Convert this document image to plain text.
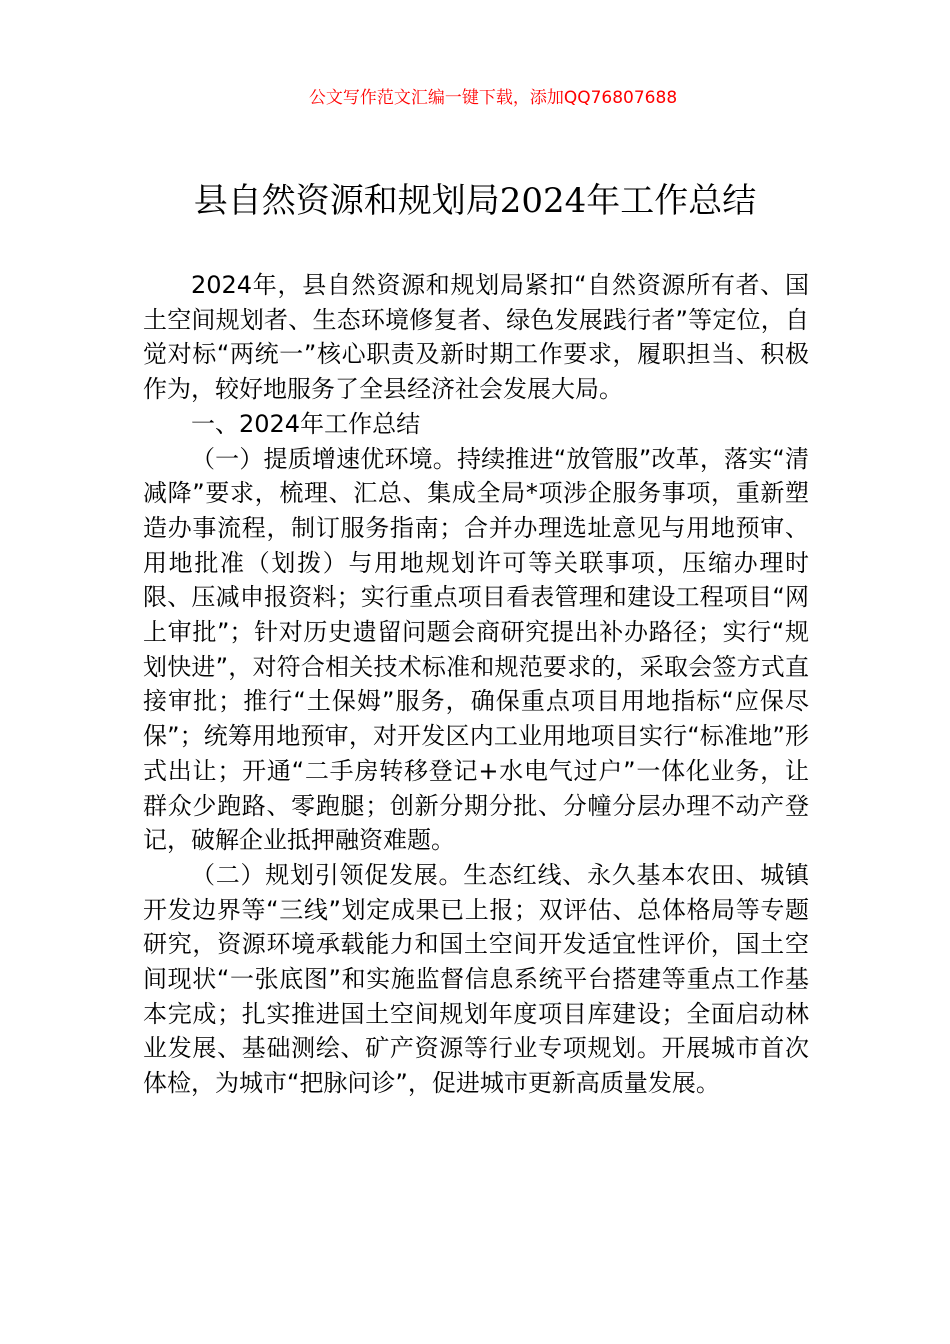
公文写作范文汇编一键下载，添加QQ76807688
县自然资源和规划局2024年工作总结

2024年，县自然资源和规划局紧扣“自然资源所有者、国土空间规划者、生态环境修复者、绿色发展践行者”等定位，自觉对标“两统一”核心职责及新时期工作要求，履职担当、积极作为，较好地服务了全县经济社会发展大局。

一、2024年工作总结

（一）提质增速优环境。持续推进“放管服”改革，落实“清减降”要求，梳理、汇总、集成全局*项涉企服务事项，重新塑造办事流程，制订服务指南；合并办理选址意见与用地预审、用地批准（划拨）与用地规划许可等关联事项，压缩办理时限、压减申报资料；实行重点项目看表管理和建设工程项目“网上审批”；针对历史遗留问题会商研究提出补办路径；实行“规划快进”，对符合相关技术标准和规范要求的，采取会签方式直接审批；推行“土保姆”服务，确保重点项目用地指标“应保尽保”；统筹用地预审，对开发区内工业用地项目实行“标准地”形式出让；开通“二手房转移登记+水电气过户”一体化业务，让群众少跑路、零跑腿；创新分期分批、分幢分层办理不动产登记，破解企业抵押融资难题。

（二）规划引领促发展。生态红线、永久基本农田、城镇开发边界等“三线”划定成果已上报；双评估、总体格局等专题研究，资源环境承载能力和国土空间开发适宜性评价，国土空间现状“一张底图”和实施监督信息系统平台搭建等重点工作基本完成；扎实推进国土空间规划年度项目库建设；全面启动林业发展、基础测绘、矿产资源等行业专项规划。开展城市首次体检，为城市“把脉问诊”，促进城市更新高质量发展。
